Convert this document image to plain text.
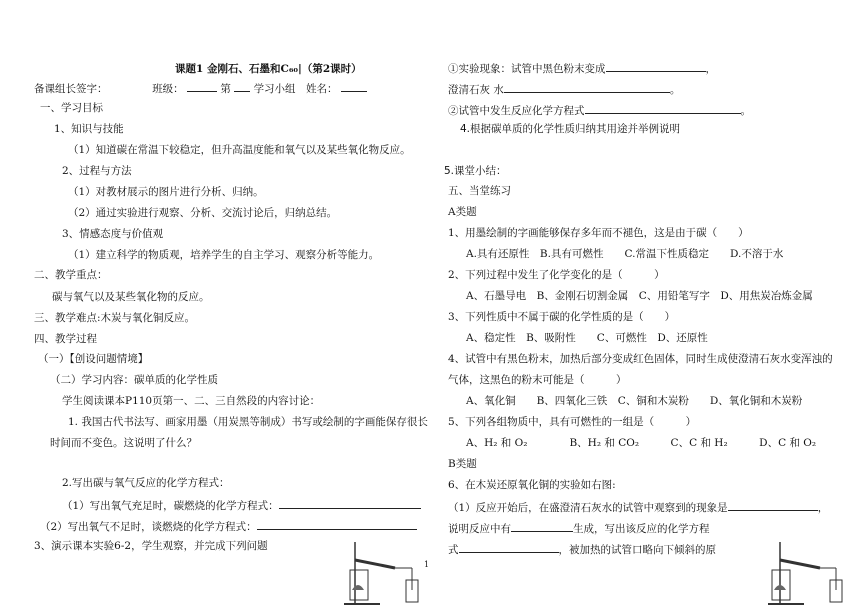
课题1 金刚石、石墨和C₆₀|（第2课时）
备课组长签字：	班级：	第 学习小组　姓名：
一、学习目标
1、知识与技能
（1）知道碳在常温下较稳定，但升高温度能和氧气以及某些氧化物反应。
2、过程与方法
（1）对教材展示的图片进行分析、归纳。
（2）通过实验进行观察、分析、交流讨论后，归纳总结。
3、情感态度与价值观
（1）建立科学的物质观，培养学生的自主学习、观察分析等能力。
二、教学重点：
碳与氧气以及某些氧化物的反应。
三、教学难点:木炭与氧化铜反应。
四、教学过程
（一）【创设问题情境】
（二）学习内容：碳单质的化学性质
学生阅读课本P110页第一、二、三自然段的内容讨论：
1. 我国古代书法写、画家用墨（用炭黑等制成）书写或绘制的字画能保存很长
时间而不变色。这说明了什么？
2.写出碳与氧气反应的化学方程式：
（1）写出氧气充足时，碳燃烧的化学方程式：
（2）写出氧气不足时，谈燃烧的化学方程式：
3、演示课本实验6-2，学生观察，并完成下列问题
①实验现象：试管中黑色粉末变成	，
澄清石灰 水	。
②试管中发生反应化学方程式	。
4.根据碳单质的化学性质归纳其用途并举例说明
5.课堂小结：
五、当堂练习
A类题
1、用墨绘制的字画能够保存多年而不褪色，这是由于碳（　　）
A.具有还原性　B.具有可燃性　　C.常温下性质稳定　　D.不溶于水
2、下列过程中发生了化学变化的是（　　　）
A、石墨导电　B、金刚石切割金属　C、用铅笔写字　D、用焦炭冶炼金属
3、下列性质中不属于碳的化学性质的是（　　）
A、稳定性　B、吸附性　　C、可燃性　D、还原性
4、试管中有黑色粉末，加热后部分变成红色固体，同时生成使澄清石灰水变浑浊的
气体，这黑色的粉末可能是（　　　）
A、氧化铜　　B、四氧化三铁　C、铜和木炭粉　　D、氧化铜和木炭粉
5、下列各组物质中，具有可燃性的一组是（　　　）
A、H₂ 和 O₂　　　　B、H₂ 和 CO₂　　　C、C 和 H₂　　　D、C 和 O₂
B类题
6、在木炭还原氧化铜的实验如右图:
（1）反应开始后，在盛澄清石灰水的试管中观察到的现象是	，
说明反应中有	生成，写出该反应的化学方程
式	，被加热的试管口略向下倾斜的原
1
